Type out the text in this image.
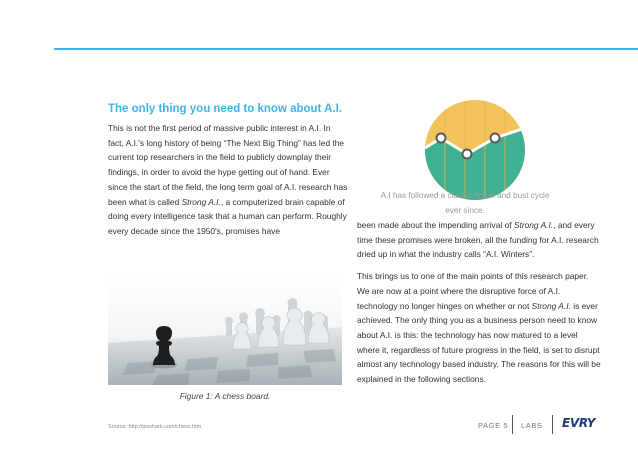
The only thing you need to know about A.I.

This is not the first period of massive public interest in A.I. In fact, A.I.'s long history of being “The Next Big Thing” has led the current top researchers in the field to publicly downplay their findings, in order to avoid the hype getting out of hand. Ever since the start of the field, the long term goal of A.I. research has been what is called Strong A.I., a computerized brain capable of doing every intelligence task that a human can perform. Roughly every decade since the 1950's, promises have

A.I has followed a classic boom and bust cycle ever since.

been made about the impending arrival of Strong A.I., and every time these promises were broken, all the funding for A.I. research dried up in what the industry calls “A.I. Winters”.

This brings us to one of the main points of this research paper. We are now at a point where the disruptive force of A.I. technology no longer hinges on whether or not Strong A.I. is ever achieved. The only thing you as a business person need to know about A.I. is this: the technology has now matured to a level where it, regardless of future progress in the field, is set to disrupt almost any technology based industry. The reasons for this will be explained in the following sections.

Figure 1: A chess board.

Source: http://pixshark.com/chess.htm	PAGE 5 LABS EVRY
